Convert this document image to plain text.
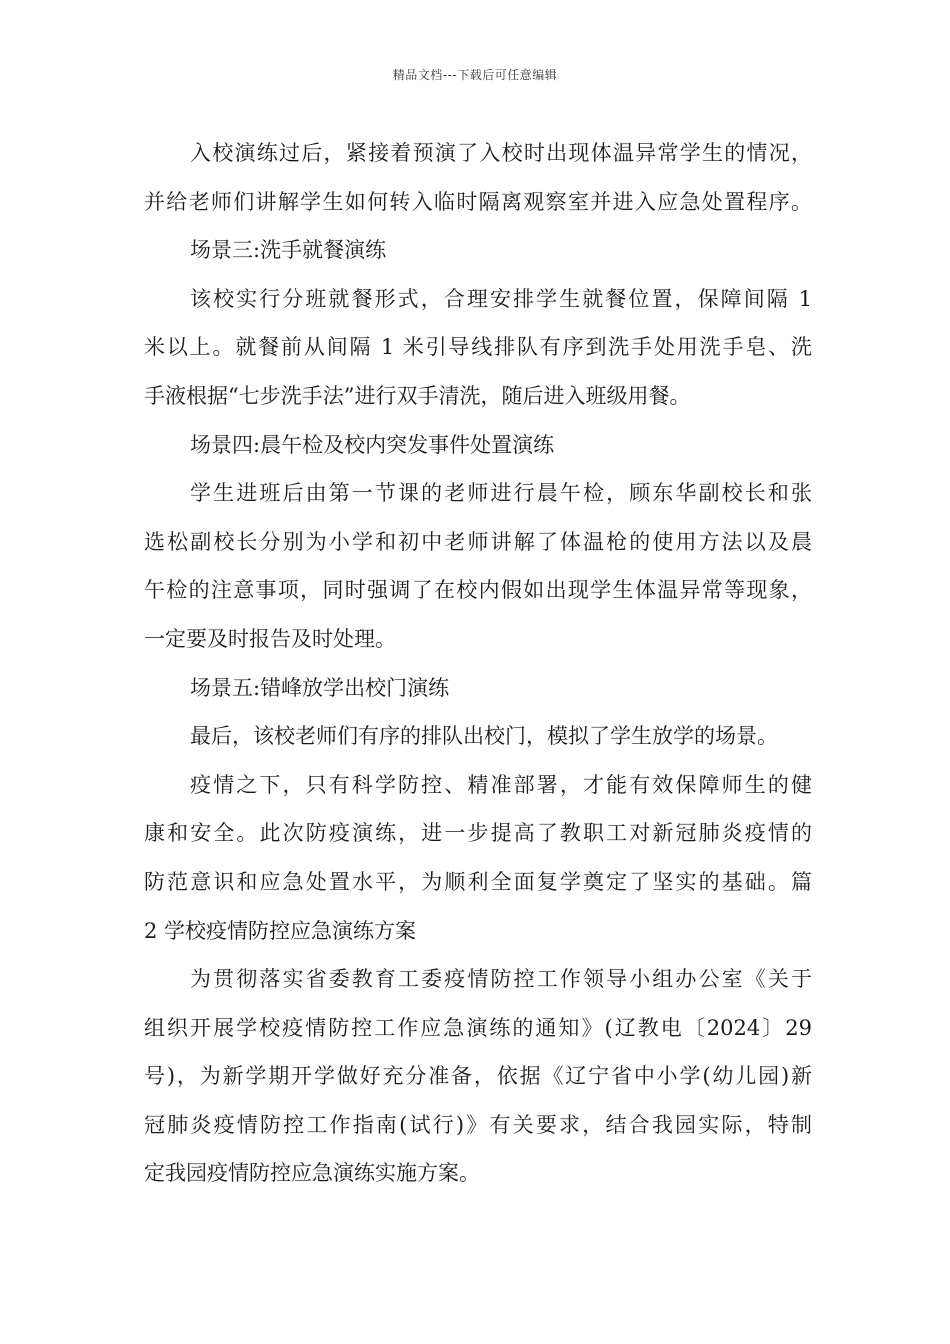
精品文档---下载后可任意编辑
入校演练过后，紧接着预演了入校时出现体温异常学生的情况，
并给老师们讲解学生如何转入临时隔离观察室并进入应急处置程序。
场景三:洗手就餐演练
该校实行分班就餐形式，合理安排学生就餐位置，保障间隔 1
米以上。就餐前从间隔 1 米引导线排队有序到洗手处用洗手皂、洗
手液根据“七步洗手法”进行双手清洗，随后进入班级用餐。
场景四:晨午检及校内突发事件处置演练
学生进班后由第一节课的老师进行晨午检，顾东华副校长和张
选松副校长分别为小学和初中老师讲解了体温枪的使用方法以及晨
午检的注意事项，同时强调了在校内假如出现学生体温异常等现象，
一定要及时报告及时处理。
场景五:错峰放学出校门演练
最后，该校老师们有序的排队出校门，模拟了学生放学的场景。
疫情之下，只有科学防控、精准部署，才能有效保障师生的健
康和安全。此次防疫演练，进一步提高了教职工对新冠肺炎疫情的
防范意识和应急处置水平，为顺利全面复学奠定了坚实的基础。篇
2 学校疫情防控应急演练方案
为贯彻落实省委教育工委疫情防控工作领导小组办公室《关于
组织开展学校疫情防控工作应急演练的通知》(辽教电〔2024〕29
号)，为新学期开学做好充分准备，依据《辽宁省中小学(幼儿园)新
冠肺炎疫情防控工作指南(试行)》有关要求，结合我园实际，特制
定我园疫情防控应急演练实施方案。
